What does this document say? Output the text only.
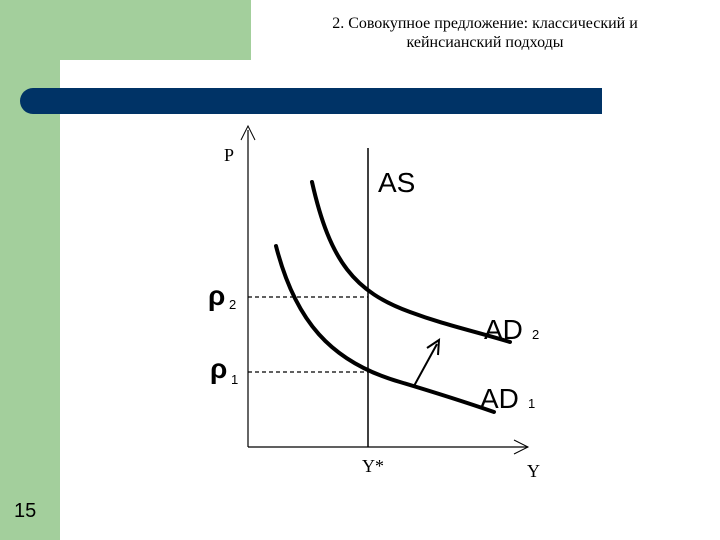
2. Совокупное предложение: классический и
кейнсианский подходы
P
Y
Y*
AS
ρ 2
ρ 1
AD 2
AD 1
15
